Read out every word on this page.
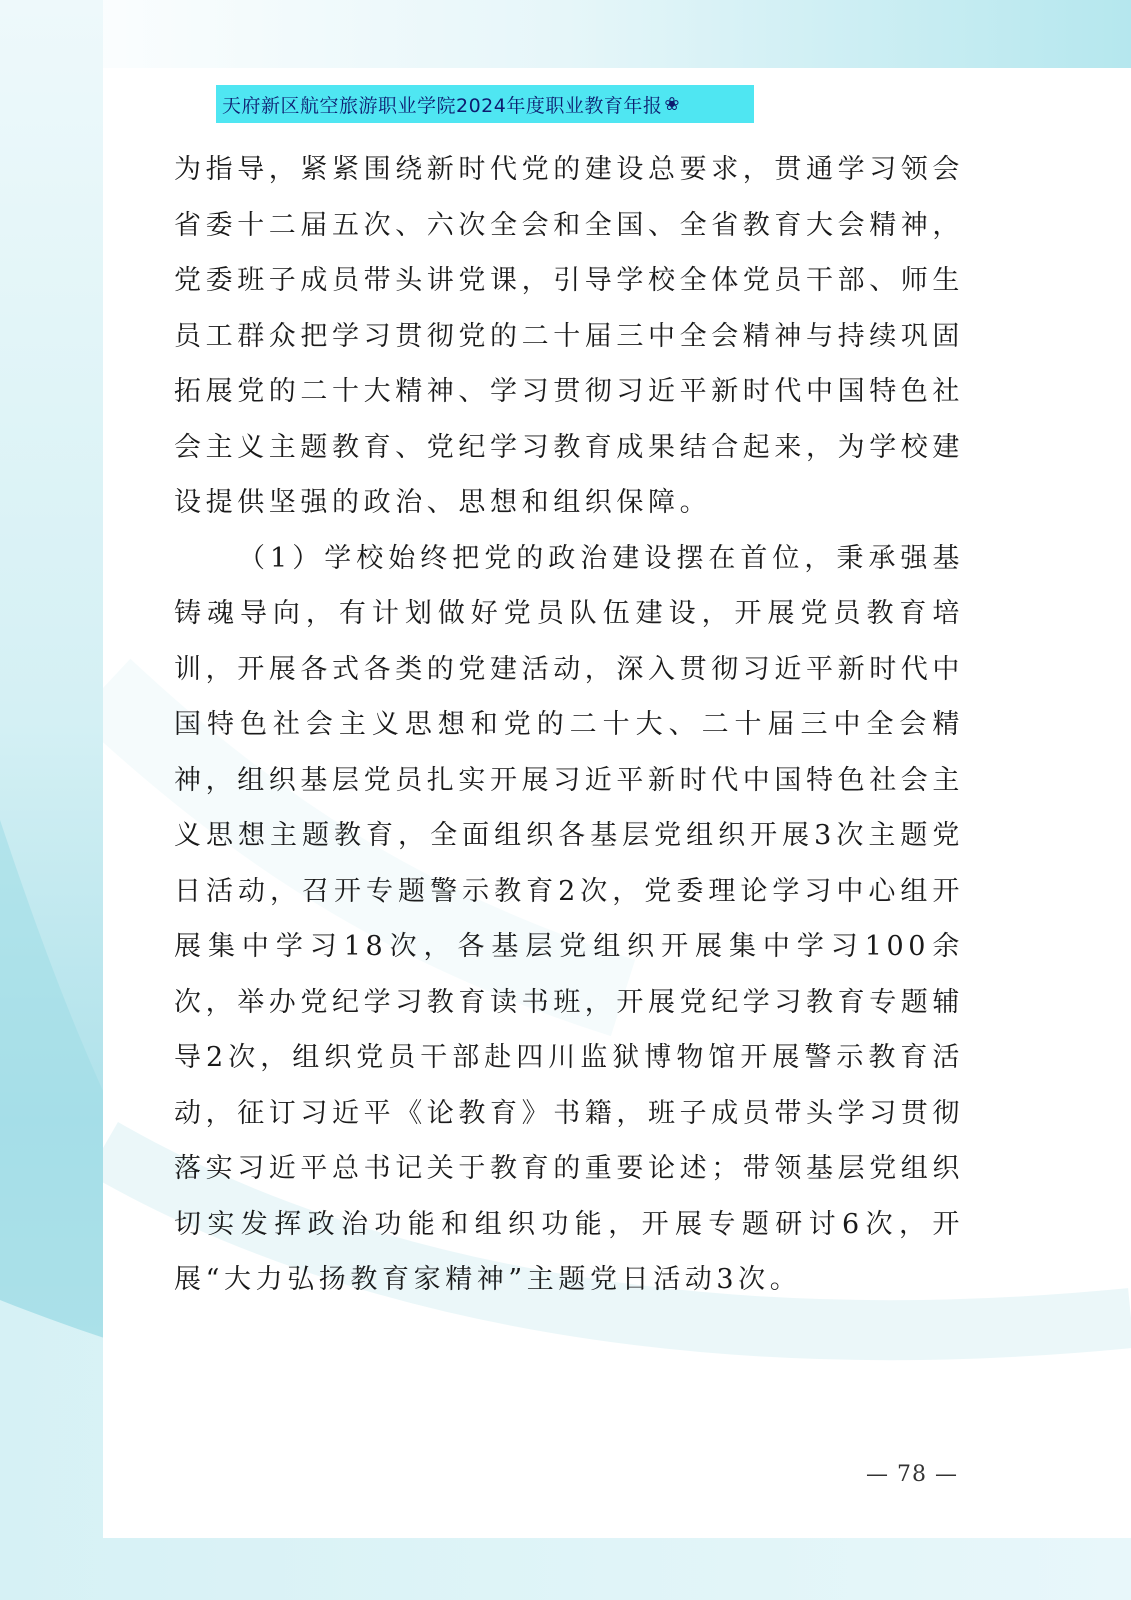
天府新区航空旅游职业学院2024年度职业教育年报 ❀

为指导，紧紧围绕新时代党的建设总要求，贯通学习领会省委十二届五次、六次全会和全国、全省教育大会精神，党委班子成员带头讲党课，引导学校全体党员干部、师生员工群众把学习贯彻党的二十届三中全会精神与持续巩固拓展党的二十大精神、学习贯彻习近平新时代中国特色社会主义主题教育、党纪学习教育成果结合起来，为学校建设提供坚强的政治、思想和组织保障。

（1）学校始终把党的政治建设摆在首位，秉承强基铸魂导向，有计划做好党员队伍建设，开展党员教育培训，开展各式各类的党建活动，深入贯彻习近平新时代中国特色社会主义思想和党的二十大、二十届三中全会精神，组织基层党员扎实开展习近平新时代中国特色社会主义思想主题教育，全面组织各基层党组织开展3次主题党日活动，召开专题警示教育2次，党委理论学习中心组开展集中学习18次，各基层党组织开展集中学习100余次，举办党纪学习教育读书班，开展党纪学习教育专题辅导2次，组织党员干部赴四川监狱博物馆开展警示教育活动，征订习近平《论教育》书籍，班子成员带头学习贯彻落实习近平总书记关于教育的重要论述；带领基层党组织切实发挥政治功能和组织功能，开展专题研讨6次，开展“大力弘扬教育家精神”主题党日活动3次。

— 78 —
